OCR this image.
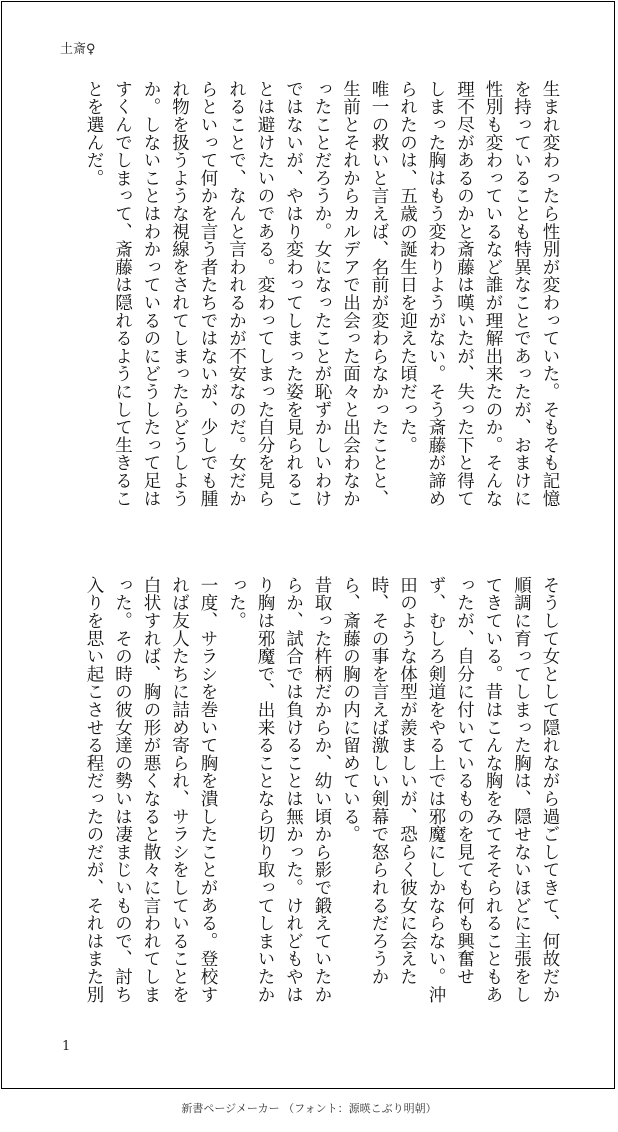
土斎♀
生まれ変わったら性別が変わっていた。そもそも記憶を持っていることも特異なことであったが、おまけに性別も変わっているなど誰が理解出来たのか。そんな理不尽があるのかと斎藤は嘆いたが、失った下と得てしまった胸はもう変わりようがない。そう斎藤が諦められたのは、五歳の誕生日を迎えた頃だった。
唯一の救いと言えば、名前が変わらなかったことと、生前とそれからカルデアで出会った面々と出会わなかったことだろうか。女になったことが恥ずかしいわけではないが、やはり変わってしまった姿を見られることは避けたいのである。変わってしまった自分を見られることで、なんと言われるかが不安なのだ。女だからといって何かを言う者たちではないが、少しでも腫れ物を扱うような視線をされてしまったらどうしようか。しないことはわかっているのにどうしたって足はすくんでしまって、斎藤は隠れるようにして生きることを選んだ。
そうして女として隠れながら過ごしてきて、何故だか順調に育ってしまった胸は、隠せないほどに主張をしてきている。昔はこんな胸をみてそそられることもあったが、自分に付いているものを見ても何も興奮せず、むしろ剣道をやる上では邪魔にしかならない。沖田のような体型が羨ましいが、恐らく彼女に会えた時、その事を言えば激しい剣幕で怒られるだろうから、斎藤の胸の内に留めている。
昔取った杵柄だからか、幼い頃から影で鍛えていたからか、試合では負けることは無かった。けれどもやはり胸は邪魔で、出来ることなら切り取ってしまいたかった。
一度、サラシを巻いて胸を潰したことがある。登校すれば友人たちに詰め寄られ、サラシをしていることを白状すれば、胸の形が悪くなると散々に言われてしまった。その時の彼女達の勢いは凄まじいもので、討ち入りを思い起こさせる程だったのだが、それはまた別
1
新書ページメーカー （フォント：源暎こぶり明朝）
